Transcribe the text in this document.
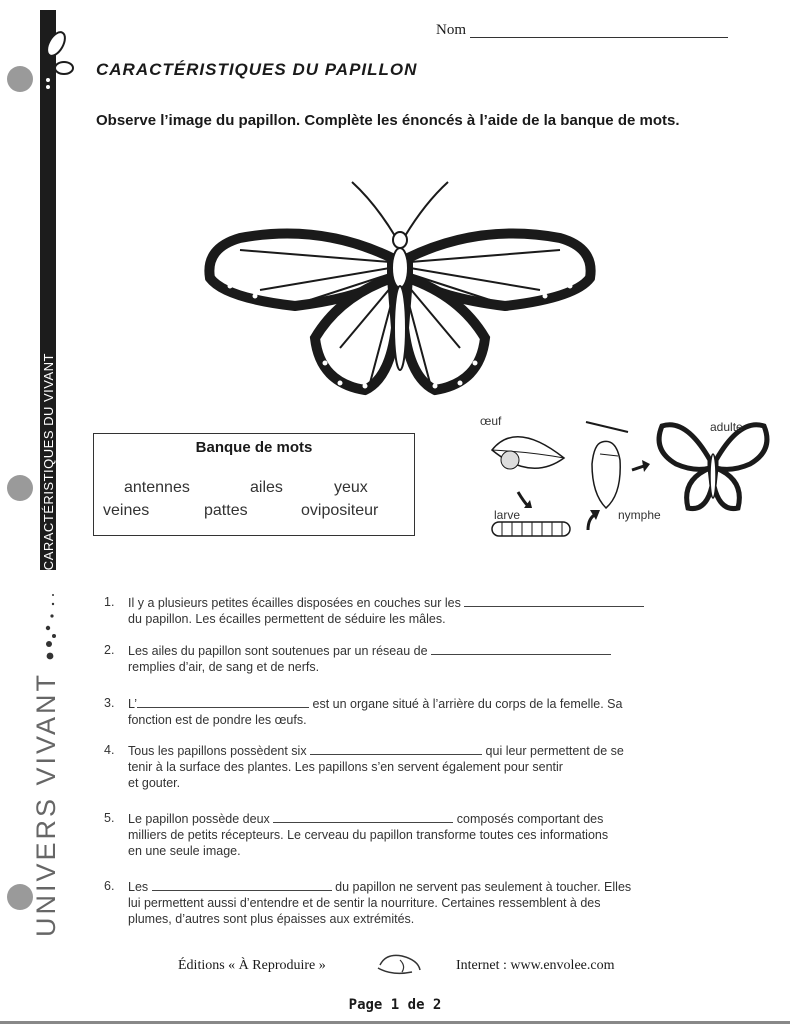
CARACTÉRISTIQUES DU VIVANT
UNIVERS VIVANT
Nom
CARACTÉRISTIQUES DU PAPILLON
Observe l’image du papillon. Complète les énoncés à l’aide de la banque de mots.
Banque de mots
antennes	ailes	yeux
veines	pattes	ovipositeur
œuf
larve	nymphe
adulte
1. Il y a plusieurs petites écailles disposées en couches sur les
du papillon. Les écailles permettent de séduire les mâles.
2. Les ailes du papillon sont soutenues par un réseau de
remplies d’air, de sang et de nerfs.
3. L’	est un organe situé à l’arrière du corps de la femelle. Sa
fonction est de pondre les œufs.
4. Tous les papillons possèdent six	qui leur permettent de se
tenir à la surface des plantes. Les papillons s’en servent également pour sentir
et gouter.
5. Le papillon possède deux	composés comportant des
milliers de petits récepteurs. Le cerveau du papillon transforme toutes ces informations
en une seule image.
6. Les	du papillon ne servent pas seulement à toucher. Elles
lui permettent aussi d’entendre et de sentir la nourriture. Certaines ressemblent à des
plumes, d’autres sont plus épaisses aux extrémités.
Éditions « À Reproduire »	Internet : www.envolee.com
Page 1 de 2
